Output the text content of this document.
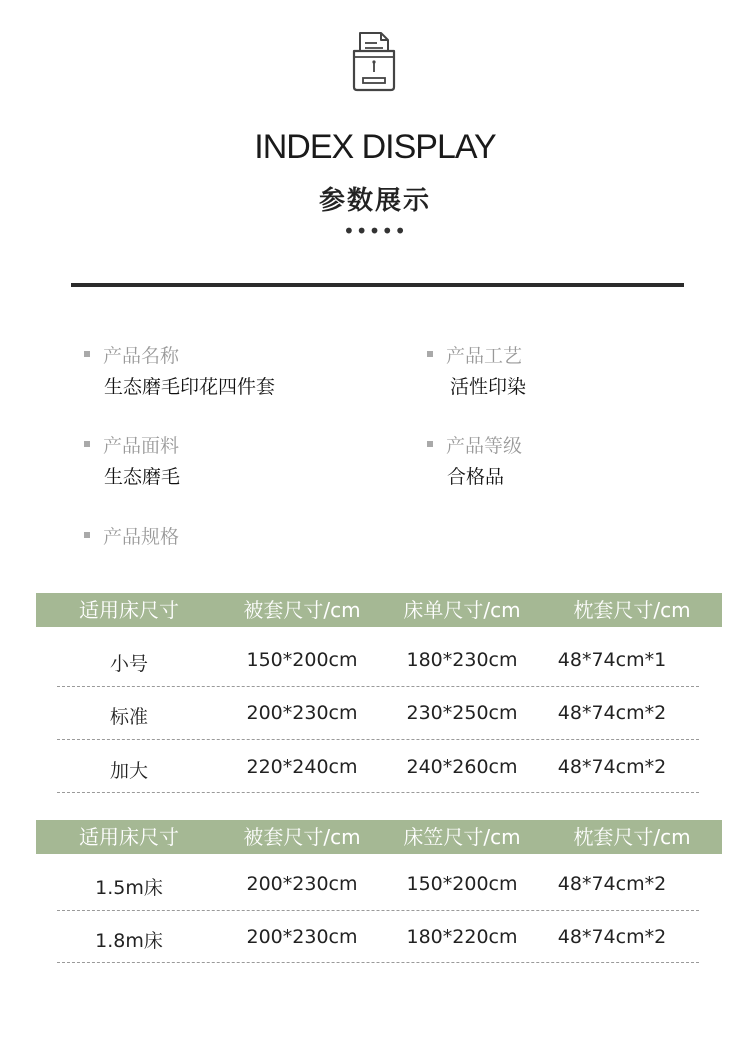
INDEX DISPLAY
参数展示
•••••
产品名称
生态磨毛印花四件套
产品工艺
活性印染
产品面料
生态磨毛
产品等级
合格品
产品规格
适用床尺寸	被套尺寸/cm	床单尺寸/cm	枕套尺寸/cm
小号	150*200cm	180*230cm	48*74cm*1
标准	200*230cm	230*250cm	48*74cm*2
加大	220*240cm	240*260cm	48*74cm*2
适用床尺寸	被套尺寸/cm	床笠尺寸/cm	枕套尺寸/cm
1.5m床	200*230cm	150*200cm	48*74cm*2
1.8m床	200*230cm	180*220cm	48*74cm*2
